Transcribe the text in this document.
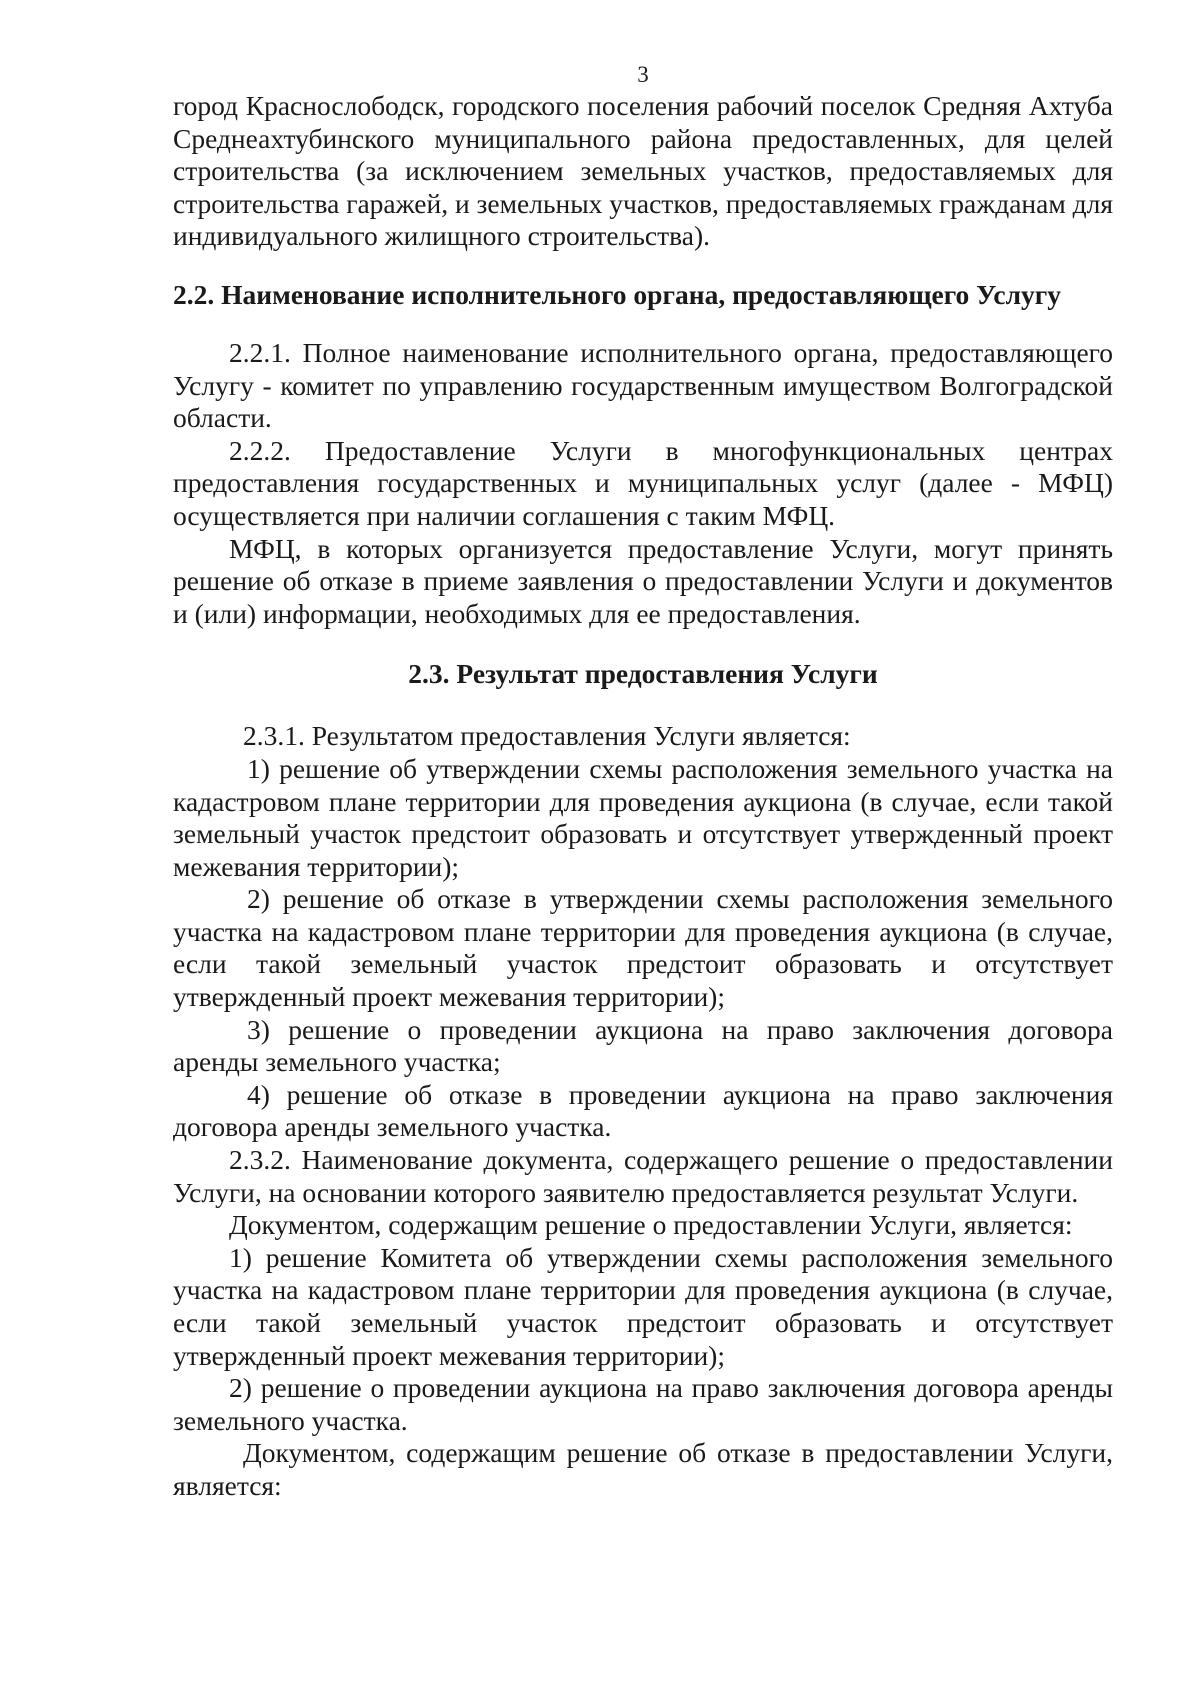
3

город Краснослободск, городского поселения рабочий поселок Средняя Ахтуба Среднеахтубинского муниципального района предоставленных, для целей строительства (за исключением земельных участков, предоставляемых для строительства гаражей, и земельных участков, предоставляемых гражданам для индивидуального жилищного строительства).

2.2. Наименование исполнительного органа, предоставляющего Услугу

2.2.1. Полное наименование исполнительного органа, предоставляющего Услугу - комитет по управлению государственным имуществом Волгоградской области.

2.2.2. Предоставление Услуги в многофункциональных центрах предоставления государственных и муниципальных услуг (далее - МФЦ) осуществляется при наличии соглашения с таким МФЦ.

МФЦ, в которых организуется предоставление Услуги, могут принять решение об отказе в приеме заявления о предоставлении Услуги и документов и (или) информации, необходимых для ее предоставления.

2.3. Результат предоставления Услуги

2.3.1. Результатом предоставления Услуги является:

1) решение об утверждении схемы расположения земельного участка на кадастровом плане территории для проведения аукциона (в случае, если такой земельный участок предстоит образовать и отсутствует утвержденный проект межевания территории);

2) решение об отказе в утверждении схемы расположения земельного участка на кадастровом плане территории для проведения аукциона (в случае, если такой земельный участок предстоит образовать и отсутствует утвержденный проект межевания территории);

3) решение о проведении аукциона на право заключения договора аренды земельного участка;

4) решение об отказе в проведении аукциона на право заключения договора аренды земельного участка.

2.3.2. Наименование документа, содержащего решение о предоставлении Услуги, на основании которого заявителю предоставляется результат Услуги.

Документом, содержащим решение о предоставлении Услуги, является:

1) решение Комитета об утверждении схемы расположения земельного участка на кадастровом плане территории для проведения аукциона (в случае, если такой земельный участок предстоит образовать и отсутствует утвержденный проект межевания территории);

2) решение о проведении аукциона на право заключения договора аренды земельного участка.

Документом, содержащим решение об отказе в предоставлении Услуги, является:
